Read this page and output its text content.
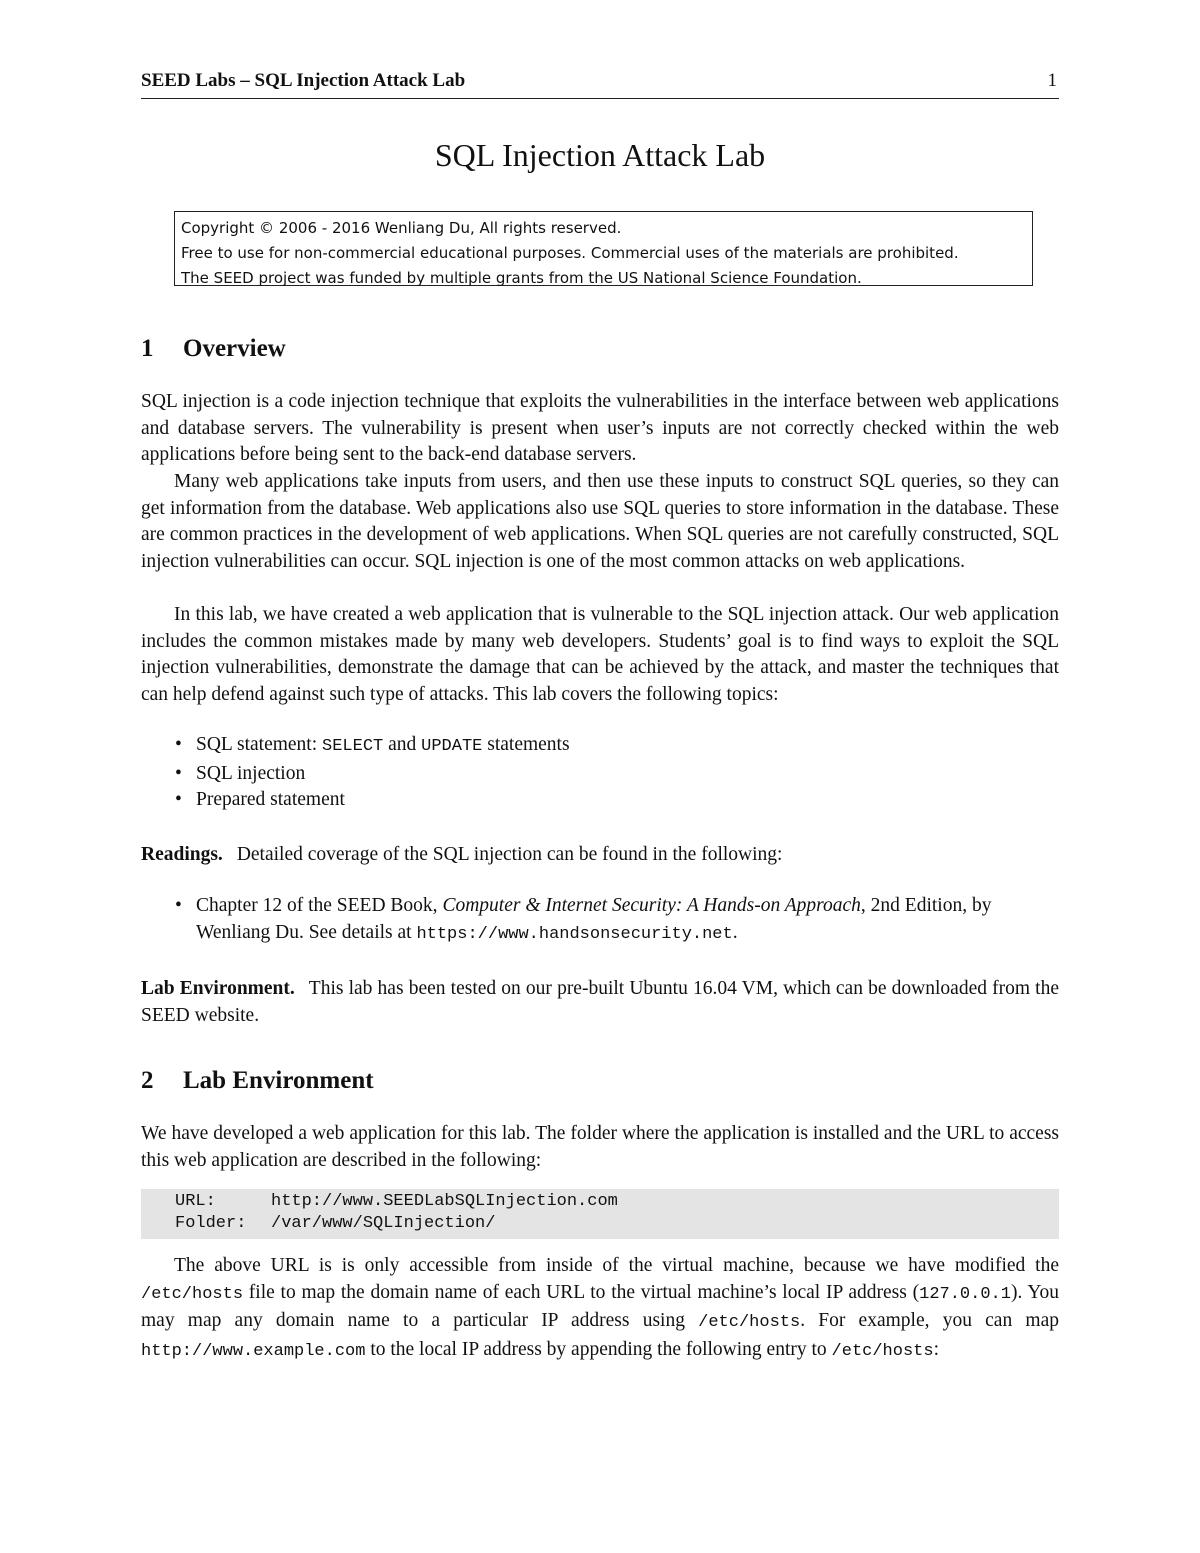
SEED Labs – SQL Injection Attack Lab	1
SQL Injection Attack Lab
Copyright © 2006 - 2016 Wenliang Du, All rights reserved.
Free to use for non-commercial educational purposes. Commercial uses of the materials are prohibited.
The SEED project was funded by multiple grants from the US National Science Foundation.
1 Overview

SQL injection is a code injection technique that exploits the vulnerabilities in the interface between web applications and database servers. The vulnerability is present when user’s inputs are not correctly checked within the web applications before being sent to the back-end database servers.

Many web applications take inputs from users, and then use these inputs to construct SQL queries, so they can get information from the database. Web applications also use SQL queries to store information in the database. These are common practices in the development of web applications. When SQL queries are not carefully constructed, SQL injection vulnerabilities can occur. SQL injection is one of the most common attacks on web applications.

In this lab, we have created a web application that is vulnerable to the SQL injection attack. Our web application includes the common mistakes made by many web developers. Students’ goal is to find ways to exploit the SQL injection vulnerabilities, demonstrate the damage that can be achieved by the attack, and master the techniques that can help defend against such type of attacks. This lab covers the following topics:

• SQL statement: SELECT and UPDATE statements
• SQL injection
• Prepared statement

Readings. Detailed coverage of the SQL injection can be found in the following:

• Chapter 12 of the SEED Book, Computer & Internet Security: A Hands-on Approach, 2nd Edition, by Wenliang Du. See details at https://www.handsonsecurity.net.

Lab Environment. This lab has been tested on our pre-built Ubuntu 16.04 VM, which can be downloaded from the SEED website.

2 Lab Environment

We have developed a web application for this lab. The folder where the application is installed and the URL to access this web application are described in the following:

URL:	http://www.SEEDLabSQLInjection.com
Folder: /var/www/SQLInjection/

The above URL is is only accessible from inside of the virtual machine, because we have modified the /etc/hosts file to map the domain name of each URL to the virtual machine’s local IP address (127.0.0.1). You may map any domain name to a particular IP address using /etc/hosts. For example, you can map http://www.example.com to the local IP address by appending the following entry to /etc/hosts:
